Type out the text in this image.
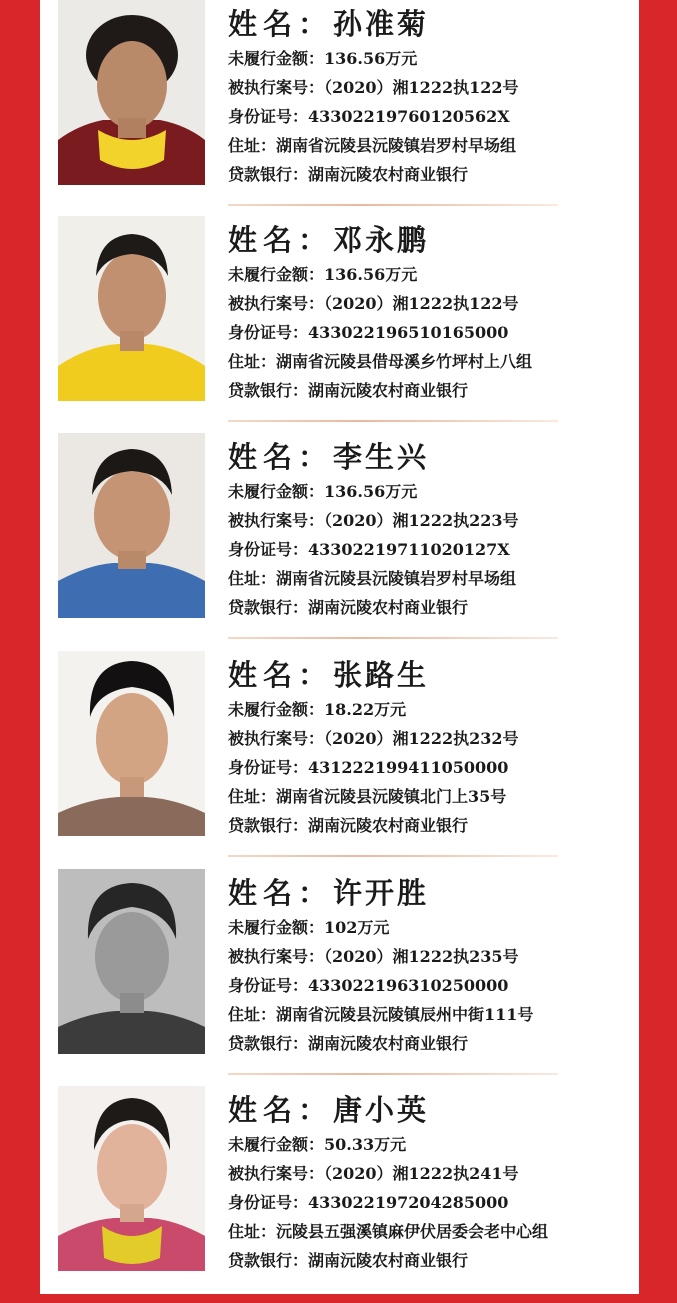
姓名：孙准菊
未履行金额：136.56万元
被执行案号：（2020）湘1222执122号
身份证号：43302219760120562X
住址：湖南省沅陵县沅陵镇岩罗村早场组
贷款银行：湖南沅陵农村商业银行
姓名：邓永鹏
未履行金额：136.56万元
被执行案号：（2020）湘1222执122号
身份证号：433022196510165000
住址：湖南省沅陵县借母溪乡竹坪村上八组
贷款银行：湖南沅陵农村商业银行
姓名：李生兴
未履行金额：136.56万元
被执行案号：（2020）湘1222执223号
身份证号：43302219711020127X
住址：湖南省沅陵县沅陵镇岩罗村早场组
贷款银行：湖南沅陵农村商业银行
姓名：张路生
未履行金额：18.22万元
被执行案号：（2020）湘1222执232号
身份证号：431222199411050000
住址：湖南省沅陵县沅陵镇北门上35号
贷款银行：湖南沅陵农村商业银行
姓名：许开胜
未履行金额：102万元
被执行案号：（2020）湘1222执235号
身份证号：433022196310250000
住址：湖南省沅陵县沅陵镇辰州中街111号
贷款银行：湖南沅陵农村商业银行
姓名：唐小英
未履行金额：50.33万元
被执行案号：（2020）湘1222执241号
身份证号：433022197204285000
住址：沅陵县五强溪镇麻伊伏居委会老中心组
贷款银行：湖南沅陵农村商业银行
